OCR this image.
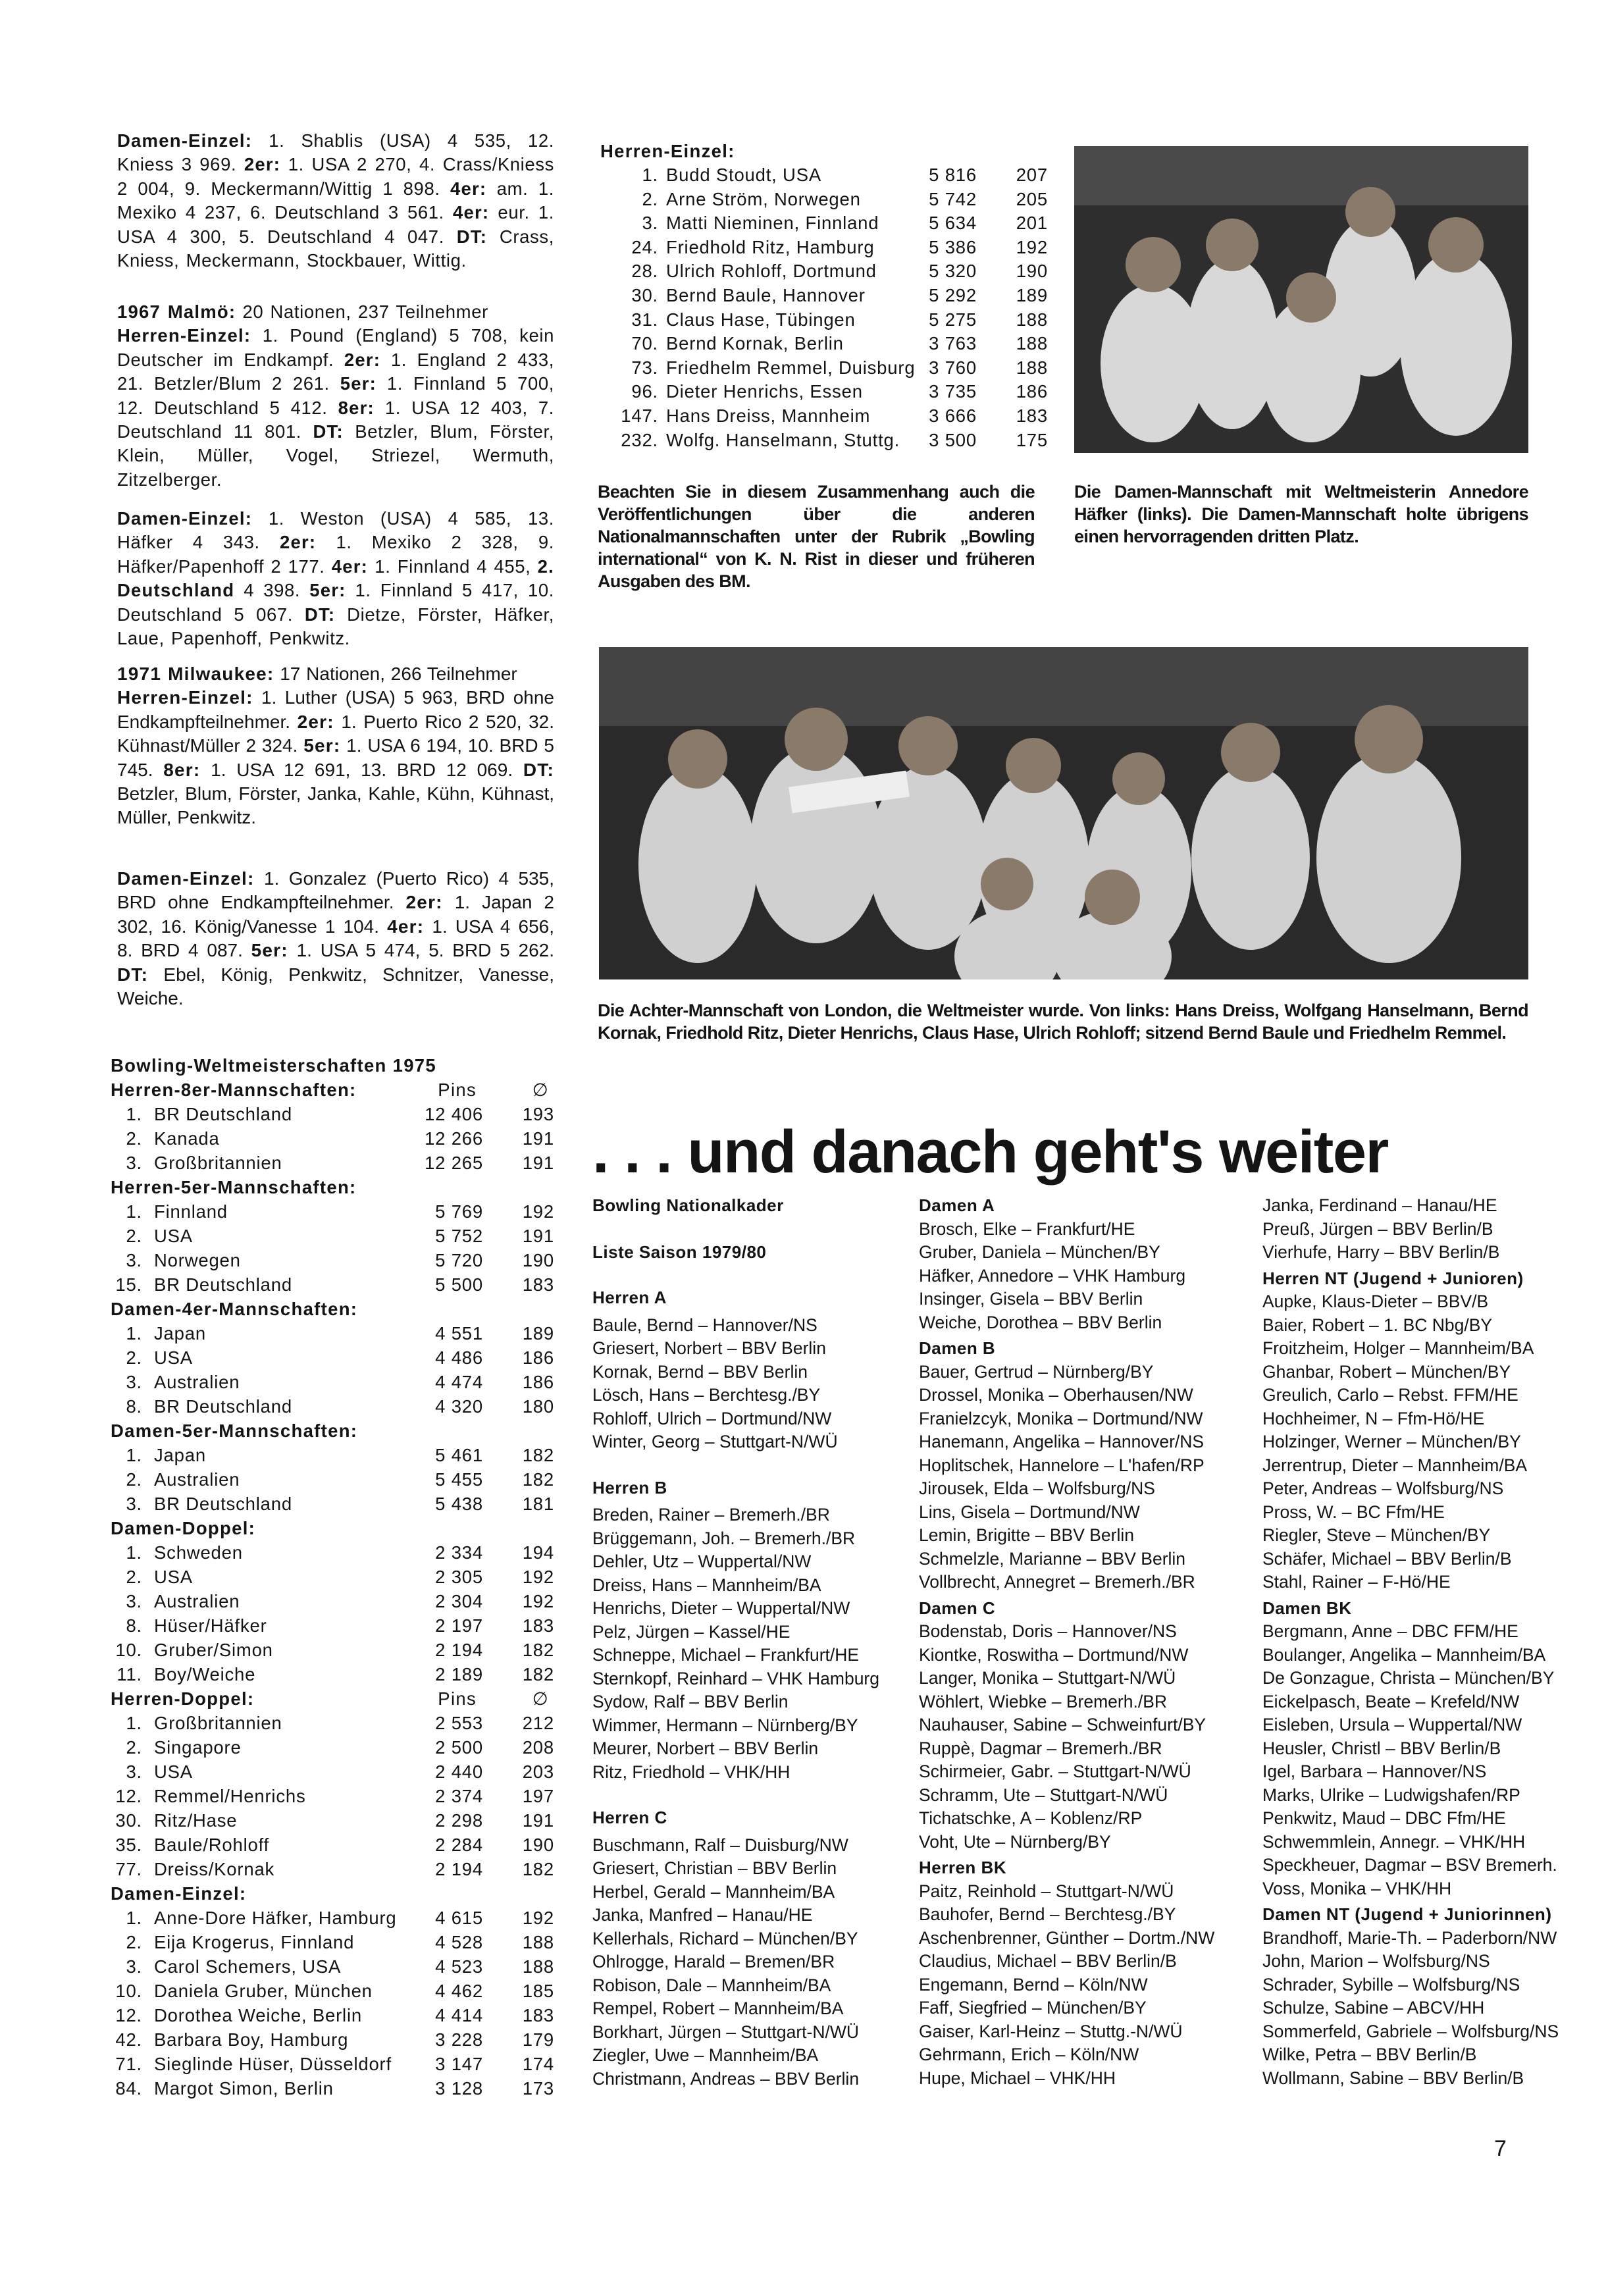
Damen-Einzel: 1. Shablis (USA) 4 535, 12. Kniess 3 969. 2er: 1. USA 2 270, 4. Crass/Kniess 2 004, 9. Meckermann/Wittig 1 898. 4er: am. 1. Mexiko 4 237, 6. Deutschland 3 561. 4er: eur. 1. USA 4 300, 5. Deutschland 4 047. DT: Crass, Kniess, Meckermann, Stockbauer, Wittig.
1967 Malmö: 20 Nationen, 237 Teilnehmer
Herren-Einzel: 1. Pound (England) 5 708, kein Deutscher im Endkampf. 2er: 1. England 2 433, 21. Betzler/Blum 2 261. 5er: 1. Finnland 5 700, 12. Deutschland 5 412. 8er: 1. USA 12 403, 7. Deutschland 11 801. DT: Betzler, Blum, Förster, Klein, Müller, Vogel, Striezel, Wermuth, Zitzelberger.
Damen-Einzel: 1. Weston (USA) 4 585, 13. Häfker 4 343. 2er: 1. Mexiko 2 328, 9. Häfker/Papenhoff 2 177. 4er: 1. Finnland 4 455, 2. Deutschland 4 398. 5er: 1. Finnland 5 417, 10. Deutschland 5 067. DT: Dietze, Förster, Häfker, Laue, Papenhoff, Penkwitz.
1971 Milwaukee: 17 Nationen, 266 Teilnehmer
Herren-Einzel: 1. Luther (USA) 5 963, BRD ohne Endkampfteilnehmer. 2er: 1. Puerto Rico 2 520, 32. Kühnast/Müller 2 324. 5er: 1. USA 6 194, 10. BRD 5 745. 8er: 1. USA 12 691, 13. BRD 12 069. DT: Betzler, Blum, Förster, Janka, Kahle, Kühn, Kühnast, Müller, Penkwitz.
Damen-Einzel: 1. Gonzalez (Puerto Rico) 4 535, BRD ohne Endkampfteilnehmer. 2er: 1. Japan 2 302, 16. König/Vanesse 1 104. 4er: 1. USA 4 656, 8. BRD 4 087. 5er: 1. USA 5 474, 5. BRD 5 262. DT: Ebel, König, Penkwitz, Schnitzer, Vanesse, Weiche.
Bowling-Weltmeisterschaften 1975
Herren-8er-Mannschaften:	Pins	∅
1. BR Deutschland	12 406 193
2. Kanada	12 266 191
3. Großbritannien	12 265 191
Herren-5er-Mannschaften:
1. Finnland	5 769 192
2. USA	5 752 191
3. Norwegen	5 720 190
15. BR Deutschland	5 500 183
Damen-4er-Mannschaften:
1. Japan	4 551 189
2. USA	4 486 186
3. Australien	4 474 186
8. BR Deutschland	4 320 180
Damen-5er-Mannschaften:
1. Japan	5 461 182
2. Australien	5 455 182
3. BR Deutschland	5 438 181
Damen-Doppel:
1. Schweden	2 334 194
2. USA	2 305 192
3. Australien	2 304 192
8. Hüser/Häfker	2 197 183
10. Gruber/Simon	2 194 182
11. Boy/Weiche	2 189 182
Herren-Doppel:	Pins	∅
1. Großbritannien	2 553 212
2. Singapore	2 500 208
3. USA	2 440 203
12. Remmel/Henrichs	2 374 197
30. Ritz/Hase	2 298 191
35. Baule/Rohloff	2 284 190
77. Dreiss/Kornak	2 194 182
Damen-Einzel:
1. Anne-Dore Häfker, Hamburg 4 615 192
2. Eija Krogerus, Finnland	4 528 188
3. Carol Schemers, USA	4 523 188
10. Daniela Gruber, München	4 462 185
12. Dorothea Weiche, Berlin	4 414 183
42. Barbara Boy, Hamburg	3 228 179
71. Sieglinde Hüser, Düsseldorf 3 147 174
84. Margot Simon, Berlin	3 128 173
Herren-Einzel:
1. Budd Stoudt, USA	5 816 207
2. Arne Ström, Norwegen	5 742 205
3. Matti Nieminen, Finnland	5 634 201
24. Friedhold Ritz, Hamburg	5 386 192
28. Ulrich Rohloff, Dortmund	5 320 190
30. Bernd Baule, Hannover	5 292 189
31. Claus Hase, Tübingen	5 275 188
70. Bernd Kornak, Berlin	3 763 188
73. Friedhelm Remmel, Duisburg 3 760 188
96. Dieter Henrichs, Essen	3 735 186
147. Hans Dreiss, Mannheim	3 666 183
232. Wolfg. Hanselmann, Stuttg. 3 500 175
Beachten Sie in diesem Zusammenhang auch die Veröffentlichungen über die anderen Nationalmannschaften unter der Rubrik „Bowling international“ von K. N. Rist in dieser und früheren Ausgaben des BM.
Die Damen-Mannschaft mit Weltmeisterin Annedore Häfker (links). Die Damen-Mannschaft holte übrigens einen hervorragenden dritten Platz.
Die Achter-Mannschaft von London, die Weltmeister wurde. Von links: Hans Dreiss, Wolfgang Hanselmann, Bernd Kornak, Friedhold Ritz, Dieter Henrichs, Claus Hase, Ulrich Rohloff; sitzend Bernd Baule und Friedhelm Remmel.
. . . und danach geht's weiter
Bowling Nationalkader
Liste Saison 1979/80
Herren A
Baule, Bernd – Hannover/NS
Griesert, Norbert – BBV Berlin
Kornak, Bernd – BBV Berlin
Lösch, Hans – Berchtesg./BY
Rohloff, Ulrich – Dortmund/NW
Winter, Georg – Stuttgart-N/WÜ
Herren B
Breden, Rainer – Bremerh./BR
Brüggemann, Joh. – Bremerh./BR
Dehler, Utz – Wuppertal/NW
Dreiss, Hans – Mannheim/BA
Henrichs, Dieter – Wuppertal/NW
Pelz, Jürgen – Kassel/HE
Schneppe, Michael – Frankfurt/HE
Sternkopf, Reinhard – VHK Hamburg
Sydow, Ralf – BBV Berlin
Wimmer, Hermann – Nürnberg/BY
Meurer, Norbert – BBV Berlin
Ritz, Friedhold – VHK/HH
Herren C
Buschmann, Ralf – Duisburg/NW
Griesert, Christian – BBV Berlin
Herbel, Gerald – Mannheim/BA
Janka, Manfred – Hanau/HE
Kellerhals, Richard – München/BY
Ohlrogge, Harald – Bremen/BR
Robison, Dale – Mannheim/BA
Rempel, Robert – Mannheim/BA
Borkhart, Jürgen – Stuttgart-N/WÜ
Ziegler, Uwe – Mannheim/BA
Christmann, Andreas – BBV Berlin
Damen A
Brosch, Elke – Frankfurt/HE
Gruber, Daniela – München/BY
Häfker, Annedore – VHK Hamburg
Insinger, Gisela – BBV Berlin
Weiche, Dorothea – BBV Berlin
Damen B
Bauer, Gertrud – Nürnberg/BY
Drossel, Monika – Oberhausen/NW
Franielzcyk, Monika – Dortmund/NW
Hanemann, Angelika – Hannover/NS
Hoplitschek, Hannelore – L'hafen/RP
Jirousek, Elda – Wolfsburg/NS
Lins, Gisela – Dortmund/NW
Lemin, Brigitte – BBV Berlin
Schmelzle, Marianne – BBV Berlin
Vollbrecht, Annegret – Bremerh./BR
Damen C
Bodenstab, Doris – Hannover/NS
Kiontke, Roswitha – Dortmund/NW
Langer, Monika – Stuttgart-N/WÜ
Wöhlert, Wiebke – Bremerh./BR
Nauhauser, Sabine – Schweinfurt/BY
Ruppè, Dagmar – Bremerh./BR
Schirmeier, Gabr. – Stuttgart-N/WÜ
Schramm, Ute – Stuttgart-N/WÜ
Tichatschke, A – Koblenz/RP
Voht, Ute – Nürnberg/BY
Herren BK
Paitz, Reinhold – Stuttgart-N/WÜ
Bauhofer, Bernd – Berchtesg./BY
Aschenbrenner, Günther – Dortm./NW
Claudius, Michael – BBV Berlin/B
Engemann, Bernd – Köln/NW
Faff, Siegfried – München/BY
Gaiser, Karl-Heinz – Stuttg.-N/WÜ
Gehrmann, Erich – Köln/NW
Hupe, Michael – VHK/HH
Janka, Ferdinand – Hanau/HE
Preuß, Jürgen – BBV Berlin/B
Vierhufe, Harry – BBV Berlin/B
Herren NT (Jugend + Junioren)
Aupke, Klaus-Dieter – BBV/B
Baier, Robert – 1. BC Nbg/BY
Froitzheim, Holger – Mannheim/BA
Ghanbar, Robert – München/BY
Greulich, Carlo – Rebst. FFM/HE
Hochheimer, N – Ffm-Hö/HE
Holzinger, Werner – München/BY
Jerrentrup, Dieter – Mannheim/BA
Peter, Andreas – Wolfsburg/NS
Pross, W. – BC Ffm/HE
Riegler, Steve – München/BY
Schäfer, Michael – BBV Berlin/B
Stahl, Rainer – F-Hö/HE
Damen BK
Bergmann, Anne – DBC FFM/HE
Boulanger, Angelika – Mannheim/BA
De Gonzague, Christa – München/BY
Eickelpasch, Beate – Krefeld/NW
Eisleben, Ursula – Wuppertal/NW
Heusler, Christl – BBV Berlin/B
Igel, Barbara – Hannover/NS
Marks, Ulrike – Ludwigshafen/RP
Penkwitz, Maud – DBC Ffm/HE
Schwemmlein, Annegr. – VHK/HH
Speckheuer, Dagmar – BSV Bremerh.
Voss, Monika – VHK/HH
Damen NT (Jugend + Juniorinnen)
Brandhoff, Marie-Th. – Paderborn/NW
John, Marion – Wolfsburg/NS
Schrader, Sybille – Wolfsburg/NS
Schulze, Sabine – ABCV/HH
Sommerfeld, Gabriele – Wolfsburg/NS
Wilke, Petra – BBV Berlin/B
Wollmann, Sabine – BBV Berlin/B
7
